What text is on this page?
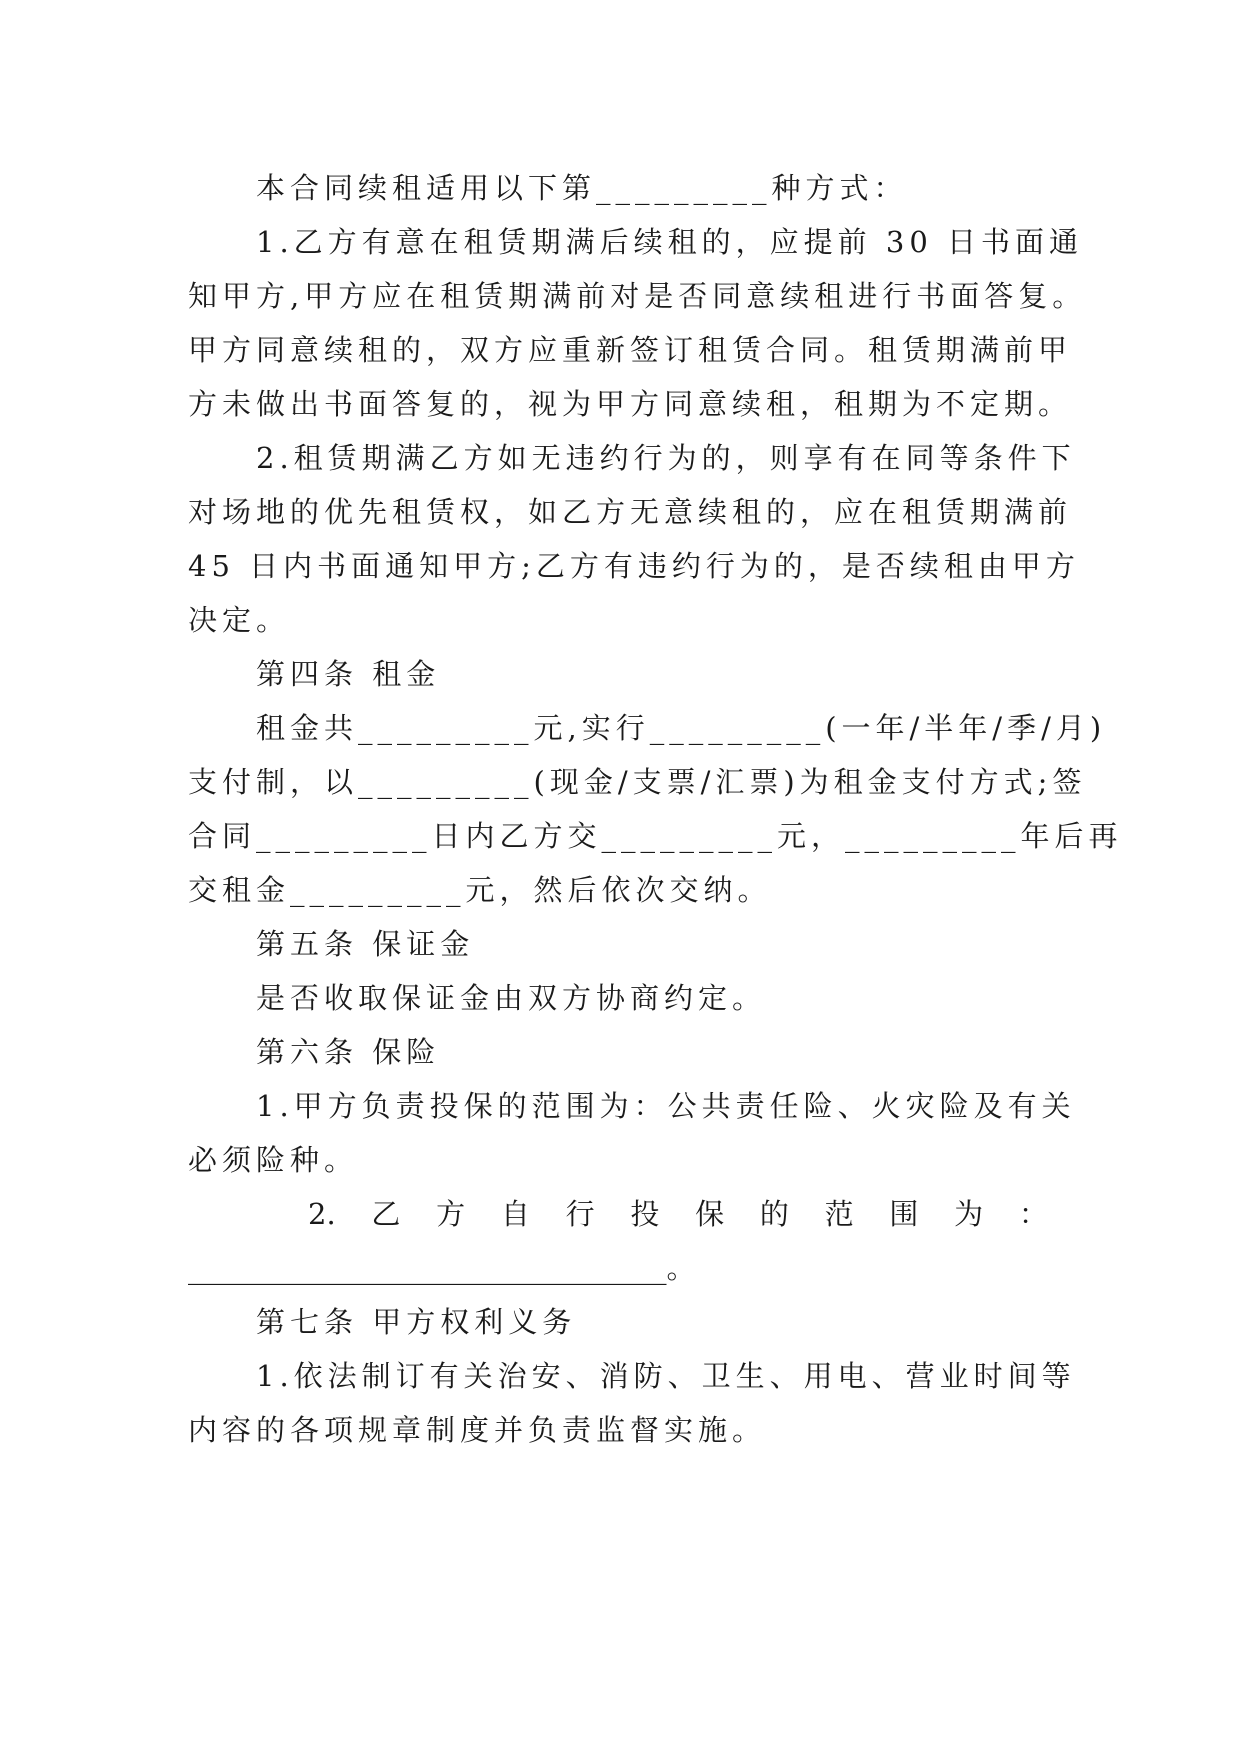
本合同续租适用以下第_________种方式：

1.乙方有意在租赁期满后续租的，应提前 30 日书面通

知甲方,甲方应在租赁期满前对是否同意续租进行书面答复。

甲方同意续租的，双方应重新签订租赁合同。租赁期满前甲

方未做出书面答复的，视为甲方同意续租，租期为不定期。

2.租赁期满乙方如无违约行为的，则享有在同等条件下

对场地的优先租赁权，如乙方无意续租的，应在租赁期满前

45 日内书面通知甲方;乙方有违约行为的，是否续租由甲方

决定。

第四条 租金

租金共_________元,实行_________(一年/半年/季/月)

支付制，以_________(现金/支票/汇票)为租金支付方式;签

合同_________日内乙方交_________元，_________年后再

交租金_________元，然后依次交纳。

第五条 保证金

是否收取保证金由双方协商约定。

第六条 保险

1.甲方负责投保的范围为：公共责任险、火灾险及有关

必须险种。

2. 乙 方 自 行 投 保 的 范 围 为 ：

_________________________________。

第七条 甲方权利义务

1.依法制订有关治安、消防、卫生、用电、营业时间等

内容的各项规章制度并负责监督实施。
